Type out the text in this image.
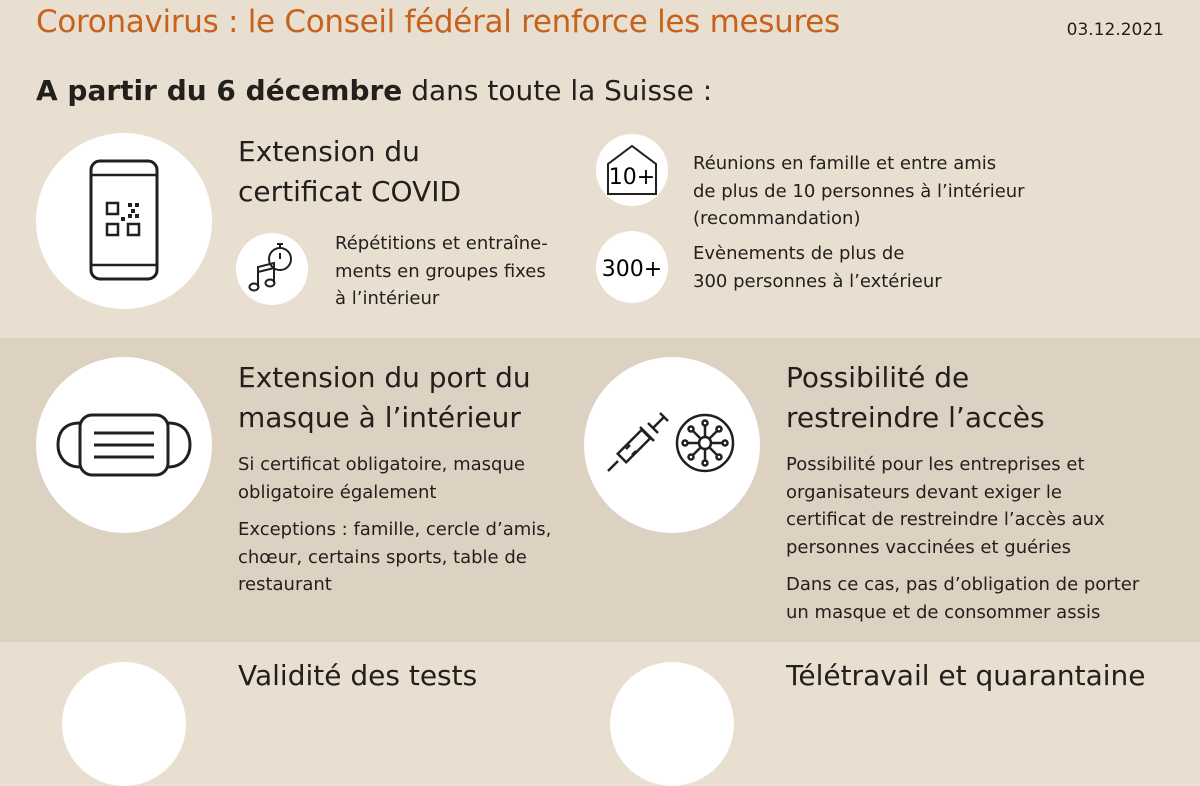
Coronavirus : le Conseil fédéral renforce les mesures	03.12.2021
A partir du 6 décembre dans toute la Suisse :
Extension du
certificat COVID
Répétitions et entraîne-
ments en groupes fixes
à l’intérieur
10+
Réunions en famille et entre amis
de plus de 10 personnes à l’intérieur
(recommandation)
300+
Evènements de plus de
300 personnes à l’extérieur
Extension du port du
masque à l’intérieur
Si certificat obligatoire, masque
obligatoire également
Exceptions : famille, cercle d’amis,
chœur, certains sports, table de
restaurant
Possibilité de
restreindre l’accès
Possibilité pour les entreprises et
organisateurs devant exiger le
certificat de restreindre l’accès aux
personnes vaccinées et guéries
Dans ce cas, pas d’obligation de porter
un masque et de consommer assis
Validité des tests	Télétravail et quarantaine
